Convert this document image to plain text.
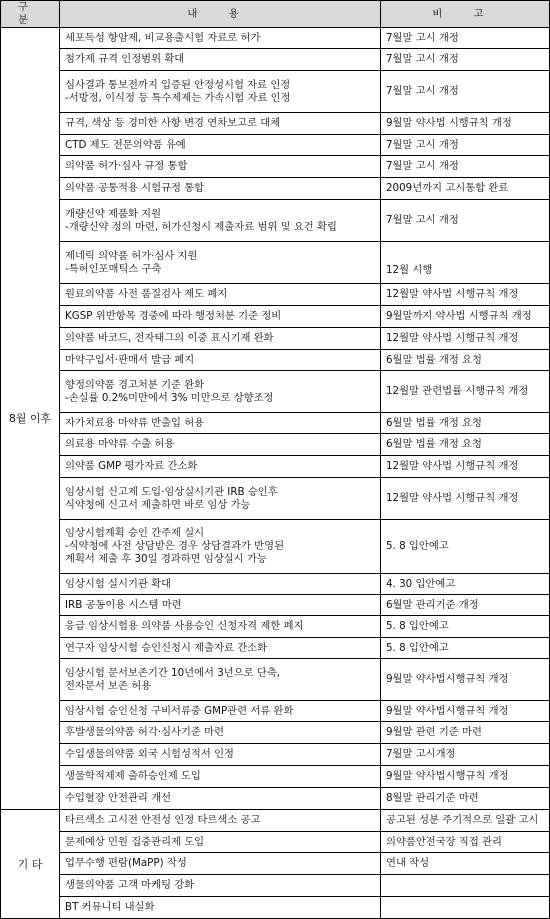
구 분	내 용	비 고
8월 이후	세포독성 항암제, 비교용출시험 자료로 허가	7월말 고시 개정
	첨가제 규격 인정범위 확대	7월말 고시 개정
	심사결과 통보전까지 입증된 안정성시험 자료 인정
-서방정, 이식정 등 특수제제는 가속시험 자료 인정	7월말 고시 개정
	규격, 색상 등 경미한 사항 변경 연차보고로 대체	9월말 약사법 시행규칙 개정
	CTD 제도 전문의약품 유예	7월말 고시 개정
	의약품 허가·심사 규정 통합	7월말 고시 개정
	의약품 공통적용 시험규정 통합	2009년까지 고시통합 완료
	개량신약 제품화 지원
-개량신약 정의 마련, 허가신청시 제출자료 범위 및 요건 확립	7월말 고시 개정
	제네릭 의약품 허가·심사 지원
-특허인포매틱스 구축	12월 시행
	원료의약품 사전 품질검사 제도 폐지	12월말 약사법 시행규칙 개정
	KGSP 위반항목 경중에 따라 행정처분 기준 정비	9월말까지 약사법 시행규칙 개정
	의약품 바코드, 전자태그의 이중 표시기재 완화	12월말 약사법 시행규칙 개정
	마약구입서·판매서 발급 폐지	6월말 법률 개정 요청
	향정의약품 경고처분 기준 완화
-손실률 0.2%미만에서 3% 미만으로 상향조정	12월말 관련법률 시행규칙 개정
	자가치료용 마약류 반출입 허용	6월말 법률 개정 요청
	의료용 마약류 수출 허용	6월말 법률 개정 요청
	의약품 GMP 평가자료 간소화	12월말 약사법 시행규칙 개정
	임상시험 신고제 도입·임상실시기관 IRB 승인후
식약청에 신고서 제출하면 바로 임상 가능	12월말 약사법 시행규칙 개정
	임상시험계획 승인 간주제 실시
-식약청에 사전 상담받은 경우 상담결과가 반영된
계획서 제출 후 30일 경과하면 임상실시 가능	5. 8 입안예고
	임상시험 실시기관 확대	4. 30 입안예고
	IRB 공동이용 시스템 마련	6월말 관리기준 개정
	응급 임상시험용 의약품 사용승인 신청자격 제한 폐지	5. 8 입안예고
	연구자 임상시험 승인신청시 제출자료 간소화	5. 8 입안예고
	임상시험 문서보존기간 10년에서 3년으로 단축,
전자문서 보존 허용	9월말 약사법시행규칙 개정
	임상시험 승인신청 구비서류중 GMP관련 서류 완화	9월말 약사법시행규칙 개정
	후발생물의약품 허각·심사기준 마련	9월말 관련 기준 마련
	수입생물의약품 외국 시험성적서 인정	7월말 고시개정
	생물학적제제 출하승인제 도입	9월말 약사법시행규칙 개정
	수입혈장 안전관리 개선	8월말 관리기준 마련
기 타	타르색소 고시전 안전성 인정 타르색소 공고	공고된 성분 주기적으로 일괄 고시
	문제예상 민원 집중관리제 도입	의약품안전국장 직접 관리
	업무수행 편람(MaPP) 작성	연내 작성
	생물의약품 고객 마케팅 강화	
	BT 커뮤니티 내실화	
